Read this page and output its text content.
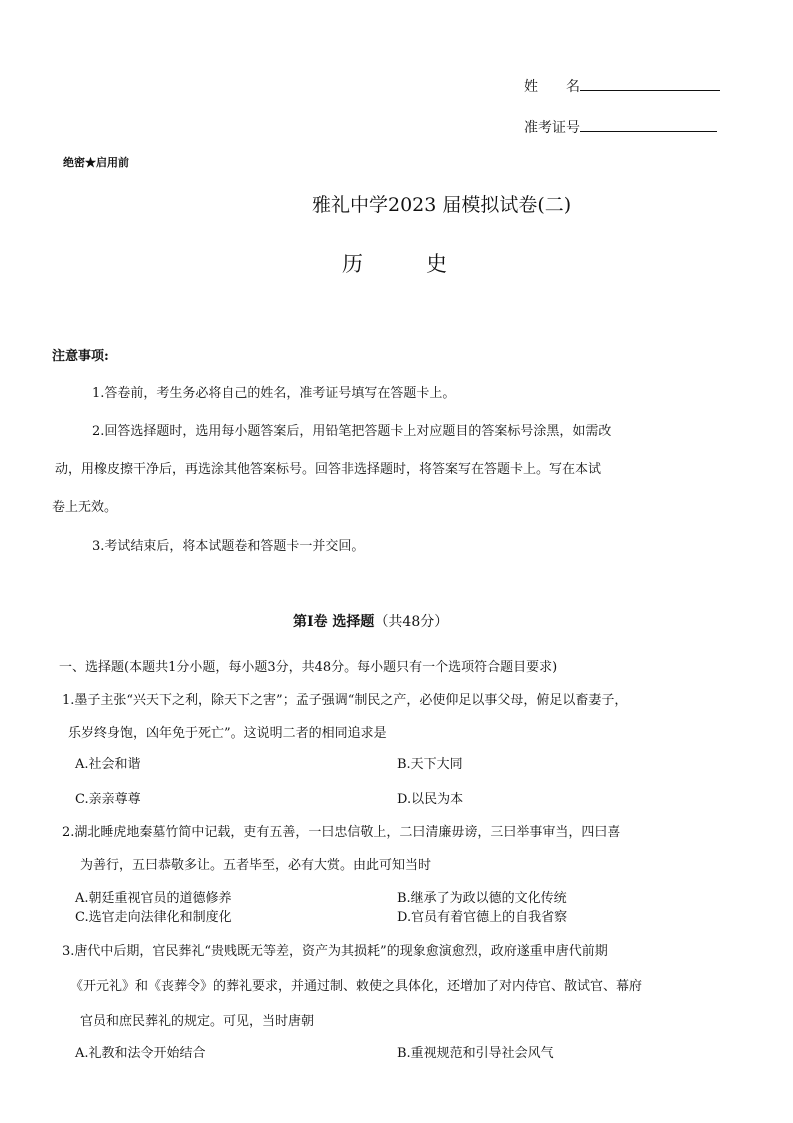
姓　　名
准考证号
绝密★启用前
雅礼中学2023 届模拟试卷(二)
历　　　史
注意事项:
1.答卷前，考生务必将自己的姓名，准考证号填写在答题卡上。
2.回答选择题时，选用每小题答案后，用铅笔把答题卡上对应题目的答案标号涂黑，如需改
动，用橡皮擦干净后，再选涂其他答案标号。回答非选择题时，将答案写在答题卡上。写在本试
卷上无效。
3.考试结束后，将本试题卷和答题卡一并交回。
第Ⅰ卷 选择题（共48分）
一、选择题(本题共1分小题，每小题3分，共48分。每小题只有一个选项符合题目要求)
1.墨子主张“兴天下之利，除天下之害”；孟子强调“制民之产，必使仰足以事父母，俯足以畜妻子，
乐岁终身饱，凶年免于死亡”。这说明二者的相同追求是
A.社会和谐	B.天下大同
C.亲亲尊尊	D.以民为本
2.湖北睡虎地秦墓竹简中记载，吏有五善，一曰忠信敬上，二曰清廉毋谤，三曰举事审当，四曰喜
为善行，五曰恭敬多让。五者毕至，必有大赏。由此可知当时
A.朝廷重视官员的道德修养	B.继承了为政以德的文化传统
C.选官走向法律化和制度化	D.官员有着官德上的自我省察
3.唐代中后期，官民葬礼“贵贱既无等差，资产为其损耗”的现象愈演愈烈，政府遂重申唐代前期
《开元礼》和《丧葬令》的葬礼要求，并通过制、敕使之具体化，还增加了对内侍官、散试官、幕府
官员和庶民葬礼的规定。可见，当时唐朝
A.礼教和法令开始结合	B.重视规范和引导社会风气
